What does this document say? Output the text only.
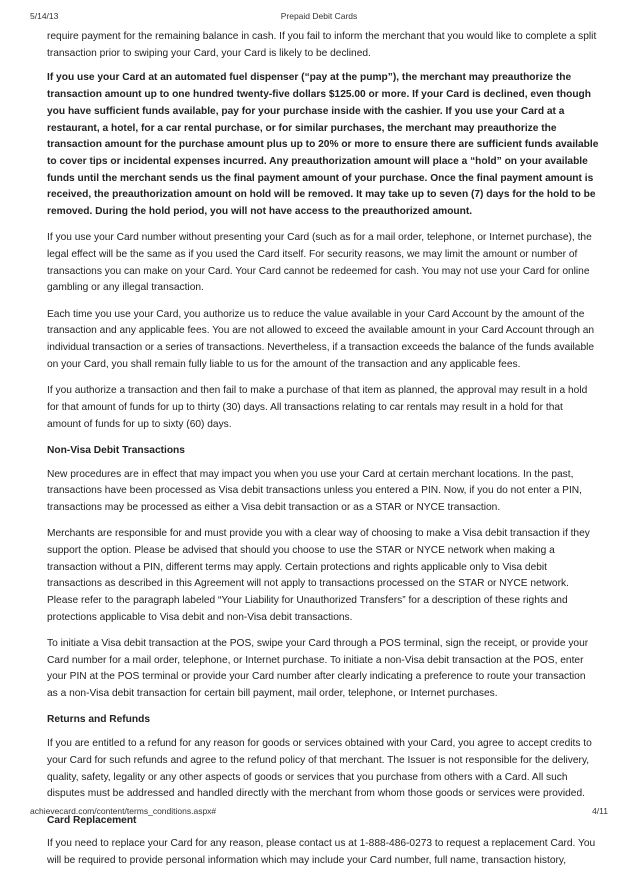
5/14/13	Prepaid Debit Cards

require payment for the remaining balance in cash. If you fail to inform the merchant that you would like to complete a split transaction prior to swiping your Card, your Card is likely to be declined.

If you use your Card at an automated fuel dispenser (“pay at the pump”), the merchant may preauthorize the transaction amount up to one hundred twenty-five dollars $125.00 or more. If your Card is declined, even though you have sufficient funds available, pay for your purchase inside with the cashier. If you use your Card at a restaurant, a hotel, for a car rental purchase, or for similar purchases, the merchant may preauthorize the transaction amount for the purchase amount plus up to 20% or more to ensure there are sufficient funds available to cover tips or incidental expenses incurred. Any preauthorization amount will place a “hold” on your available funds until the merchant sends us the final payment amount of your purchase. Once the final payment amount is received, the preauthorization amount on hold will be removed. It may take up to seven (7) days for the hold to be removed. During the hold period, you will not have access to the preauthorized amount.

If you use your Card number without presenting your Card (such as for a mail order, telephone, or Internet purchase), the legal effect will be the same as if you used the Card itself. For security reasons, we may limit the amount or number of transactions you can make on your Card. Your Card cannot be redeemed for cash. You may not use your Card for online gambling or any illegal transaction.

Each time you use your Card, you authorize us to reduce the value available in your Card Account by the amount of the transaction and any applicable fees. You are not allowed to exceed the available amount in your Card Account through an individual transaction or a series of transactions. Nevertheless, if a transaction exceeds the balance of the funds available on your Card, you shall remain fully liable to us for the amount of the transaction and any applicable fees.

If you authorize a transaction and then fail to make a purchase of that item as planned, the approval may result in a hold for that amount of funds for up to thirty (30) days. All transactions relating to car rentals may result in a hold for that amount of funds for up to sixty (60) days.

Non-Visa Debit Transactions

New procedures are in effect that may impact you when you use your Card at certain merchant locations. In the past, transactions have been processed as Visa debit transactions unless you entered a PIN. Now, if you do not enter a PIN, transactions may be processed as either a Visa debit transaction or as a STAR or NYCE transaction.

Merchants are responsible for and must provide you with a clear way of choosing to make a Visa debit transaction if they support the option. Please be advised that should you choose to use the STAR or NYCE network when making a transaction without a PIN, different terms may apply. Certain protections and rights applicable only to Visa debit transactions as described in this Agreement will not apply to transactions processed on the STAR or NYCE network. Please refer to the paragraph labeled “Your Liability for Unauthorized Transfers” for a description of these rights and protections applicable to Visa debit and non-Visa debit transactions.

To initiate a Visa debit transaction at the POS, swipe your Card through a POS terminal, sign the receipt, or provide your Card number for a mail order, telephone, or Internet purchase. To initiate a non-Visa debit transaction at the POS, enter your PIN at the POS terminal or provide your Card number after clearly indicating a preference to route your transaction as a non-Visa debit transaction for certain bill payment, mail order, telephone, or Internet purchases.

Returns and Refunds

If you are entitled to a refund for any reason for goods or services obtained with your Card, you agree to accept credits to your Card for such refunds and agree to the refund policy of that merchant. The Issuer is not responsible for the delivery, quality, safety, legality or any other aspects of goods or services that you purchase from others with a Card. All such disputes must be addressed and handled directly with the merchant from whom those goods or services were provided.

Card Replacement

If you need to replace your Card for any reason, please contact us at 1-888-486-0273 to request a replacement Card. You will be required to provide personal information which may include your Card number, full name, transaction history,

achievecard.com/content/terms_conditions.aspx#	4/11
